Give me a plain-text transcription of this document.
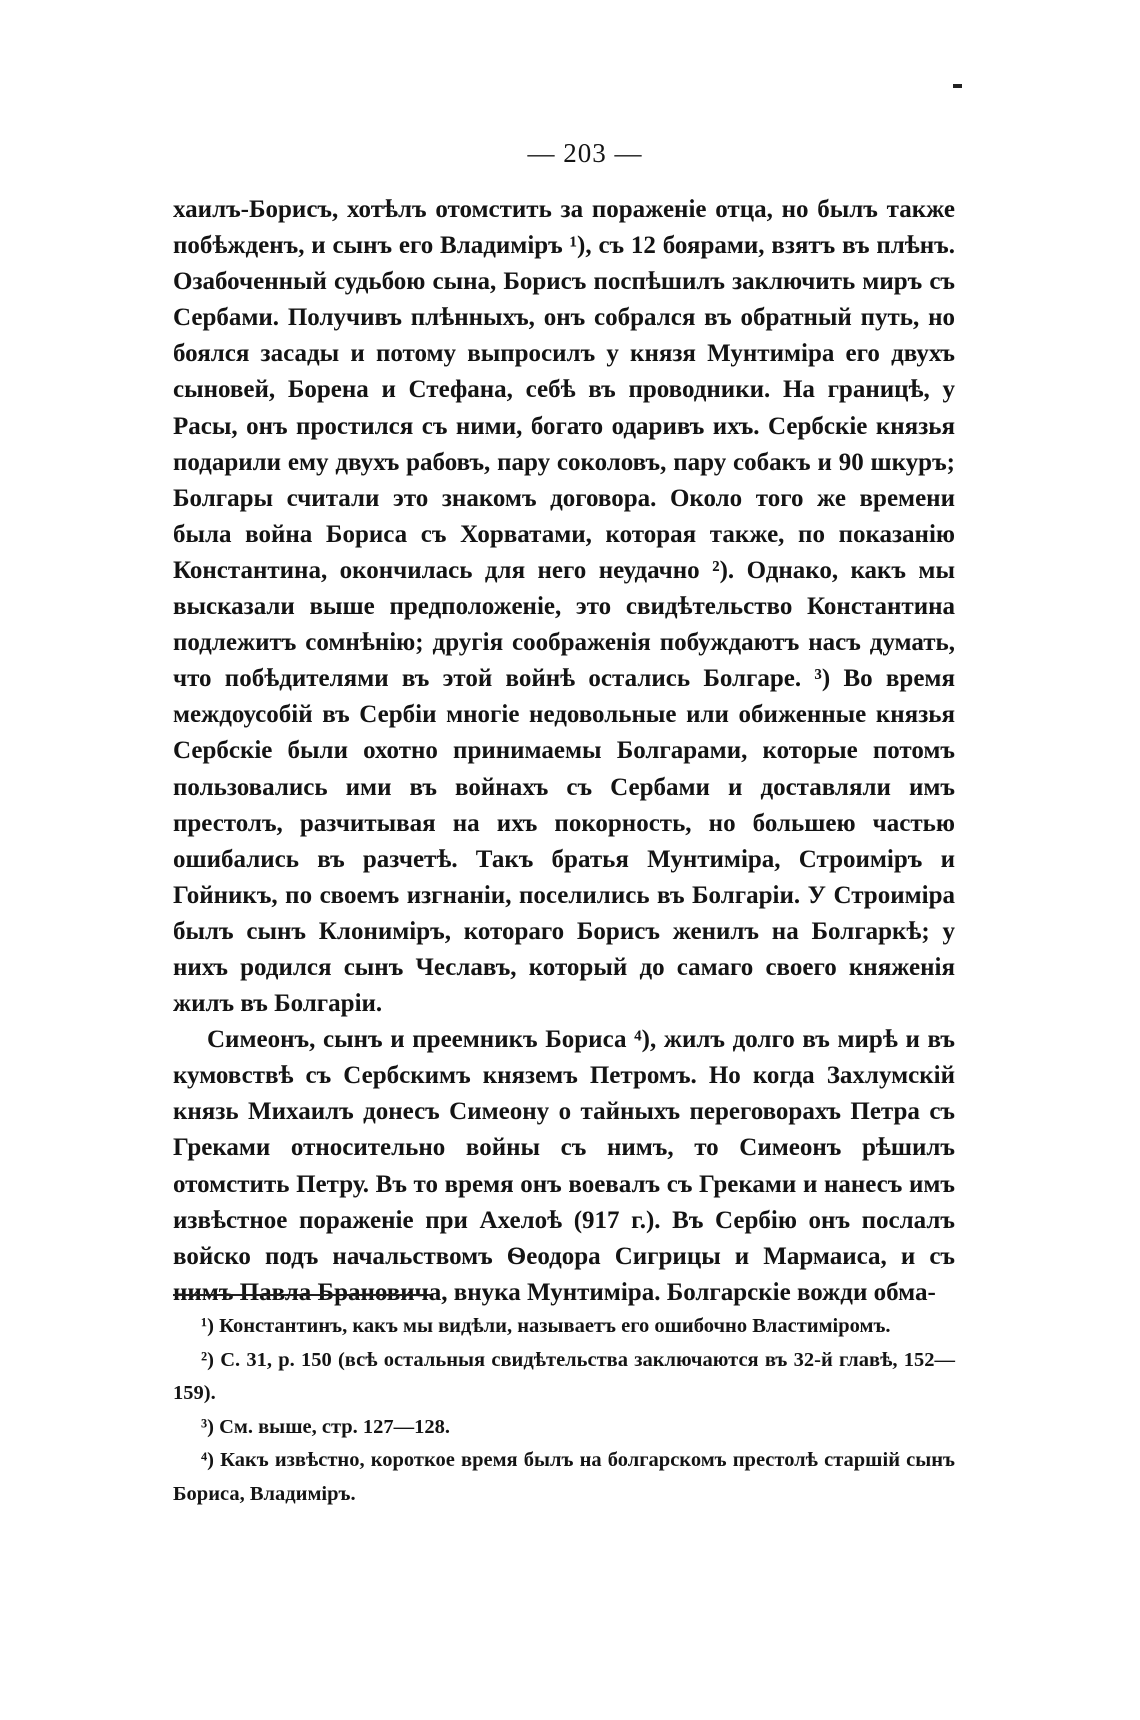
— 203 —

хаилъ-Борисъ, хотѣлъ отомстить за пораженіе отца, но былъ также побѣжденъ, и сынъ его Владиміръ ¹), съ 12 боярами, взятъ въ плѣнъ. Озабоченный судьбою сына, Борисъ поспѣшилъ заключить миръ съ Сербами. Получивъ плѣнныхъ, онъ собрался въ обратный путь, но боялся засады и потому выпросилъ у князя Мунтиміра его двухъ сыновей, Борена и Стефана, себѣ въ проводники. На границѣ, у Расы, онъ простился съ ними, богато одаривъ ихъ. Сербскіе князья подарили ему двухъ рабовъ, пару соколовъ, пару собакъ и 90 шкуръ; Болгары считали это знакомъ договора. Около того же времени была война Бориса съ Хорватами, которая также, по показанію Константина, окончилась для него неудачно ²). Однако, какъ мы высказали выше предположеніе, это свидѣтельство Константина подлежитъ сомнѣнію; другія соображенія побуждаютъ насъ думать, что побѣдителями въ этой войнѣ остались Болгаре. ³) Во время междоусобій въ Сербіи многіе недовольные или обиженные князья Сербскіе были охотно принимаемы Болгарами, которые потомъ пользовались ими въ войнахъ съ Сербами и доставляли имъ престолъ, разчитывая на ихъ покорность, но большею частью ошибались въ разчетѣ. Такъ братья Мунтиміра, Строиміръ и Гойникъ, по своемъ изгнаніи, поселились въ Болгаріи. У Строиміра былъ сынъ Клониміръ, котораго Борисъ женилъ на Болгаркѣ; у нихъ родился сынъ Чеславъ, который до самаго своего княженія жилъ въ Болгаріи.

Симеонъ, сынъ и преемникъ Бориса ⁴), жилъ долго въ мирѣ и въ кумовствѣ съ Сербскимъ княземъ Петромъ. Но когда Захлумскій князь Михаилъ донесъ Симеону о тайныхъ переговорахъ Петра съ Греками относительно войны съ нимъ, то Симеонъ рѣшилъ отомстить Петру. Въ то время онъ воевалъ съ Греками и нанесъ имъ извѣстное пораженіе при Ахелоѣ (917 г.). Въ Сербію онъ послалъ войско подъ начальствомъ Ѳеодора Сигрицы и Мармаиса, и съ нимъ Павла Брановича, внука Мунтиміра. Болгарскіе вожди обма-

¹) Константинъ, какъ мы видѣли, называетъ его ошибочно Властиміромъ.

²) С. 31, р. 150 (всѣ остальныя свидѣтельства заключаются въ 32-й главѣ, 152—159).

³) См. выше, стр. 127—128.

⁴) Какъ извѣстно, короткое время былъ на болгарскомъ престолѣ старшій сынъ Бориса, Владиміръ.
